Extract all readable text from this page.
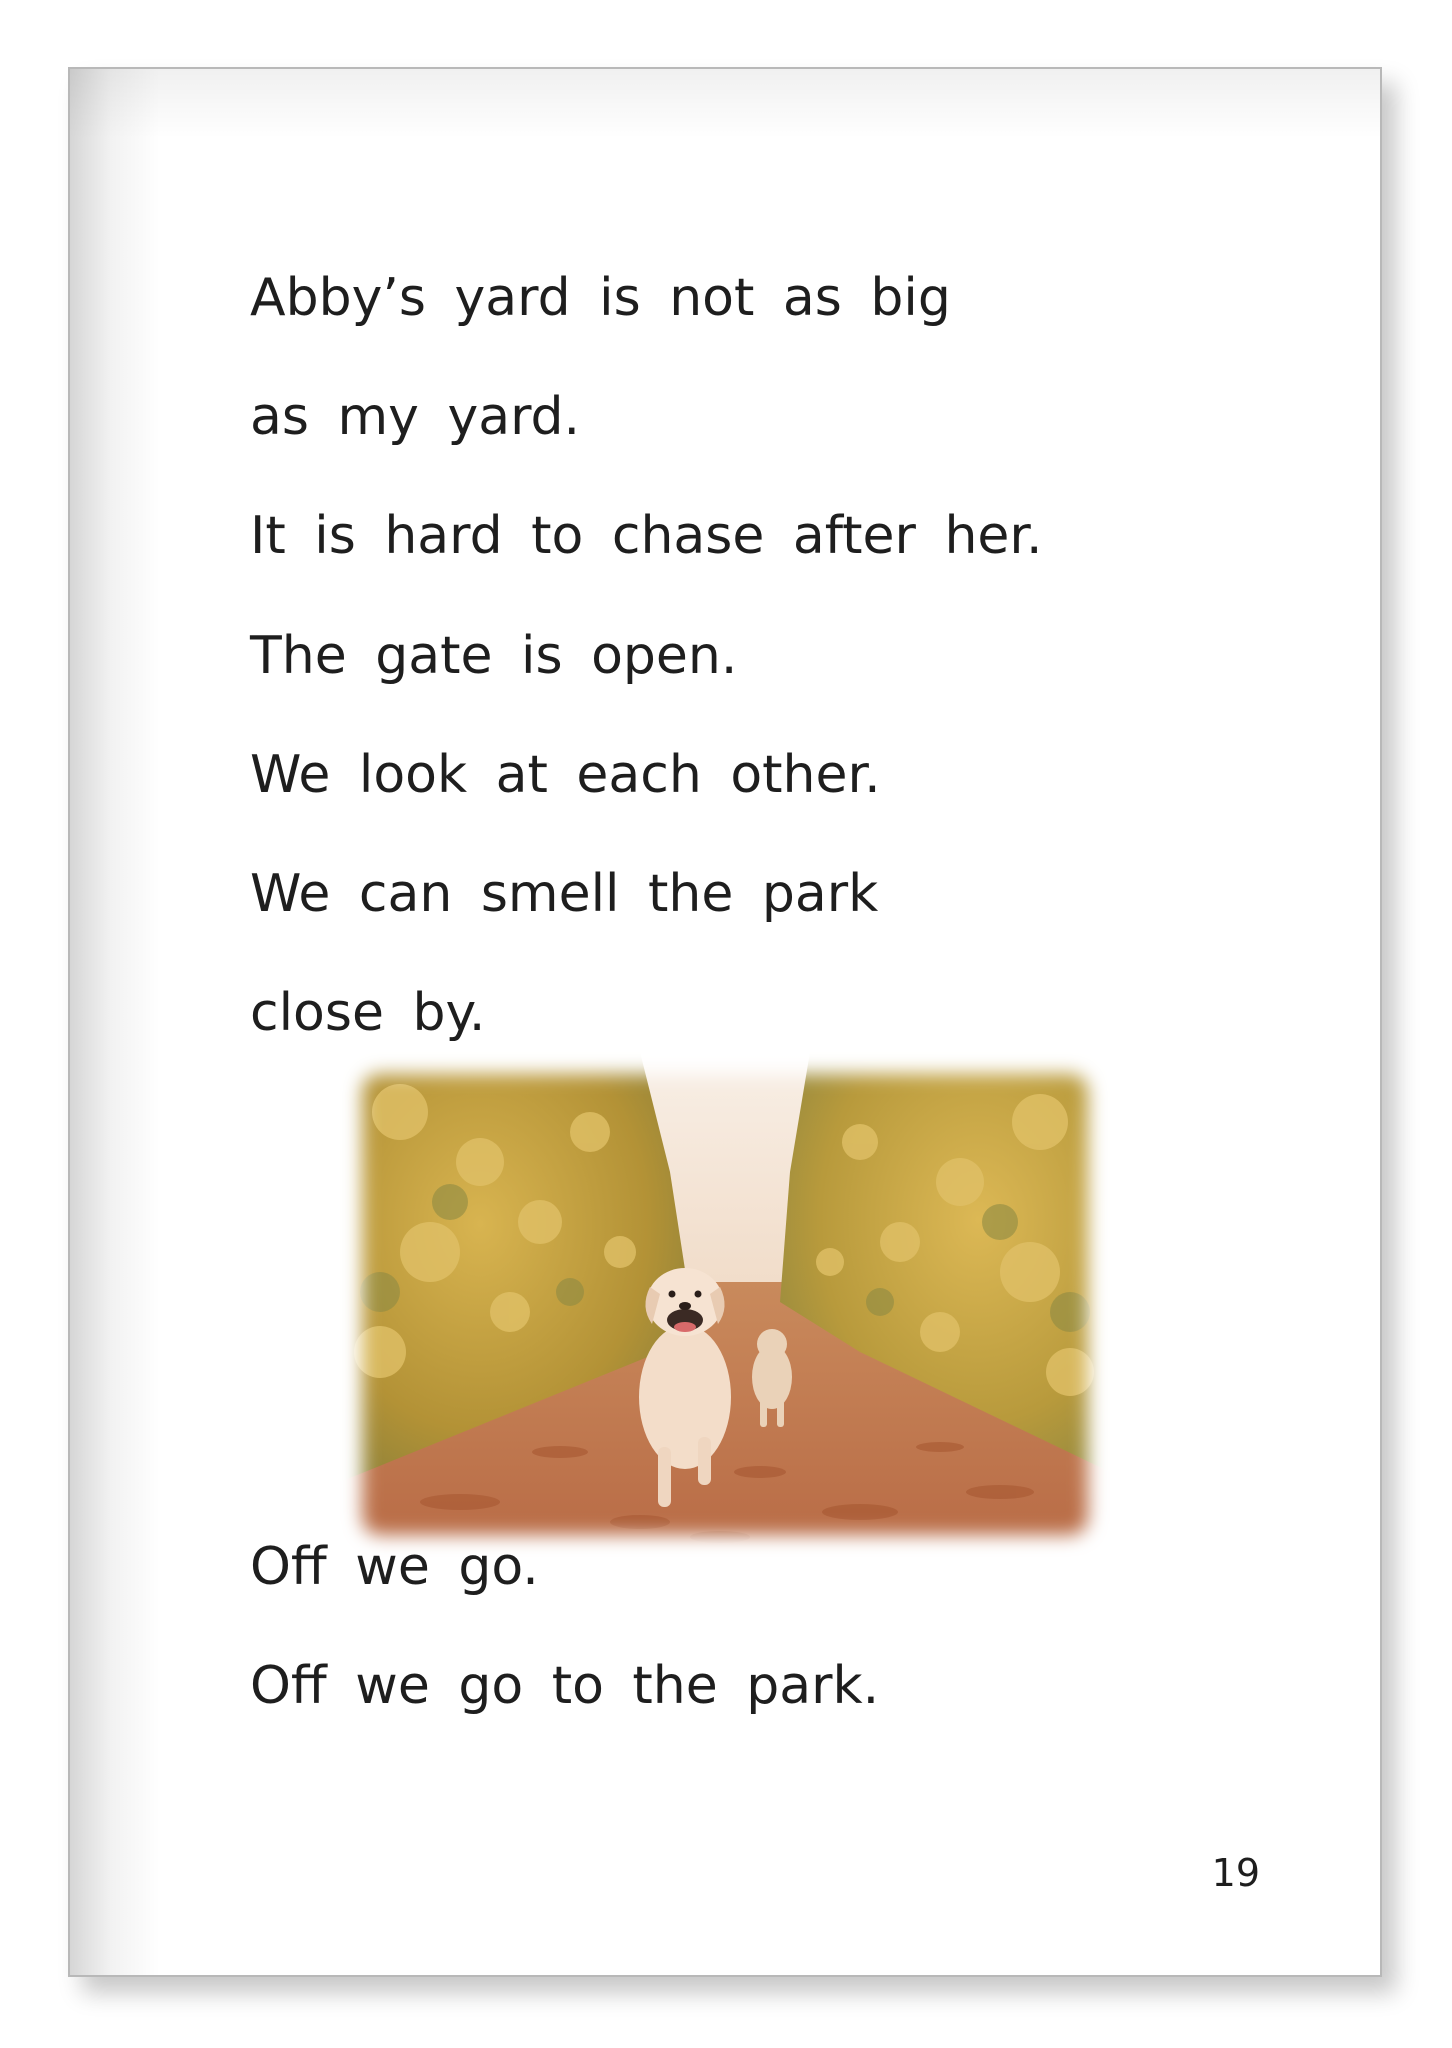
Abby’s yard is not as big

as my yard.

It is hard to chase after her.

The gate is open.

We look at each other.

We can smell the park

close by.

Off we go.

Off we go to the park.

19
